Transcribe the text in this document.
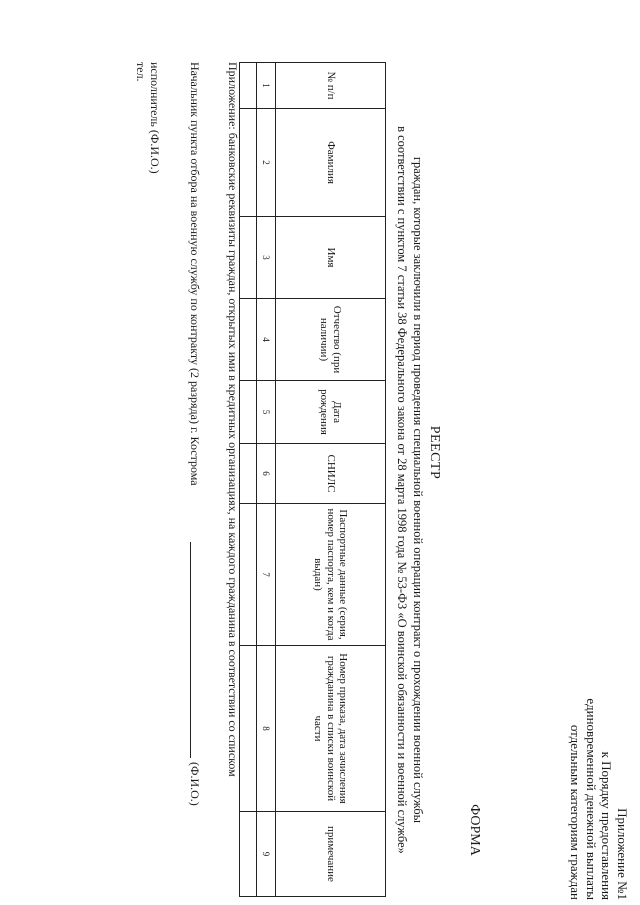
Приложение №1
к Порядку предоставления
единовременной денежной выплаты
отдельным категориям граждан
ФОРМА
РЕЕСТР
граждан, которые заключили в период проведения специальной военной операции контракт о прохождении военной службы
в соответствии с пунктом 7 статьи 38 Федерального закона от 28 марта 1998 года № 53-ФЗ «О воинской обязанности и военной службе»
№ п/п	Фамилия	Имя	Отчество (при наличии)	Дата рождения	СНИЛС	Паспортные данные (серия, номер паспорта, кем и когда выдан)	Номер приказа, дата зачисления гражданина в списки воинской части	примечание
1	2	3	4	5	6	7	8	9

Приложение: банковские реквизиты граждан, открытых ими в кредитных организациях, на каждого гражданина в соответствии со списком
Начальник пункта отбора на военную службу по контракту (2 разряда) г. Кострома
(Ф.И.О.)
исполнитель (Ф.И.О.)
тел.
